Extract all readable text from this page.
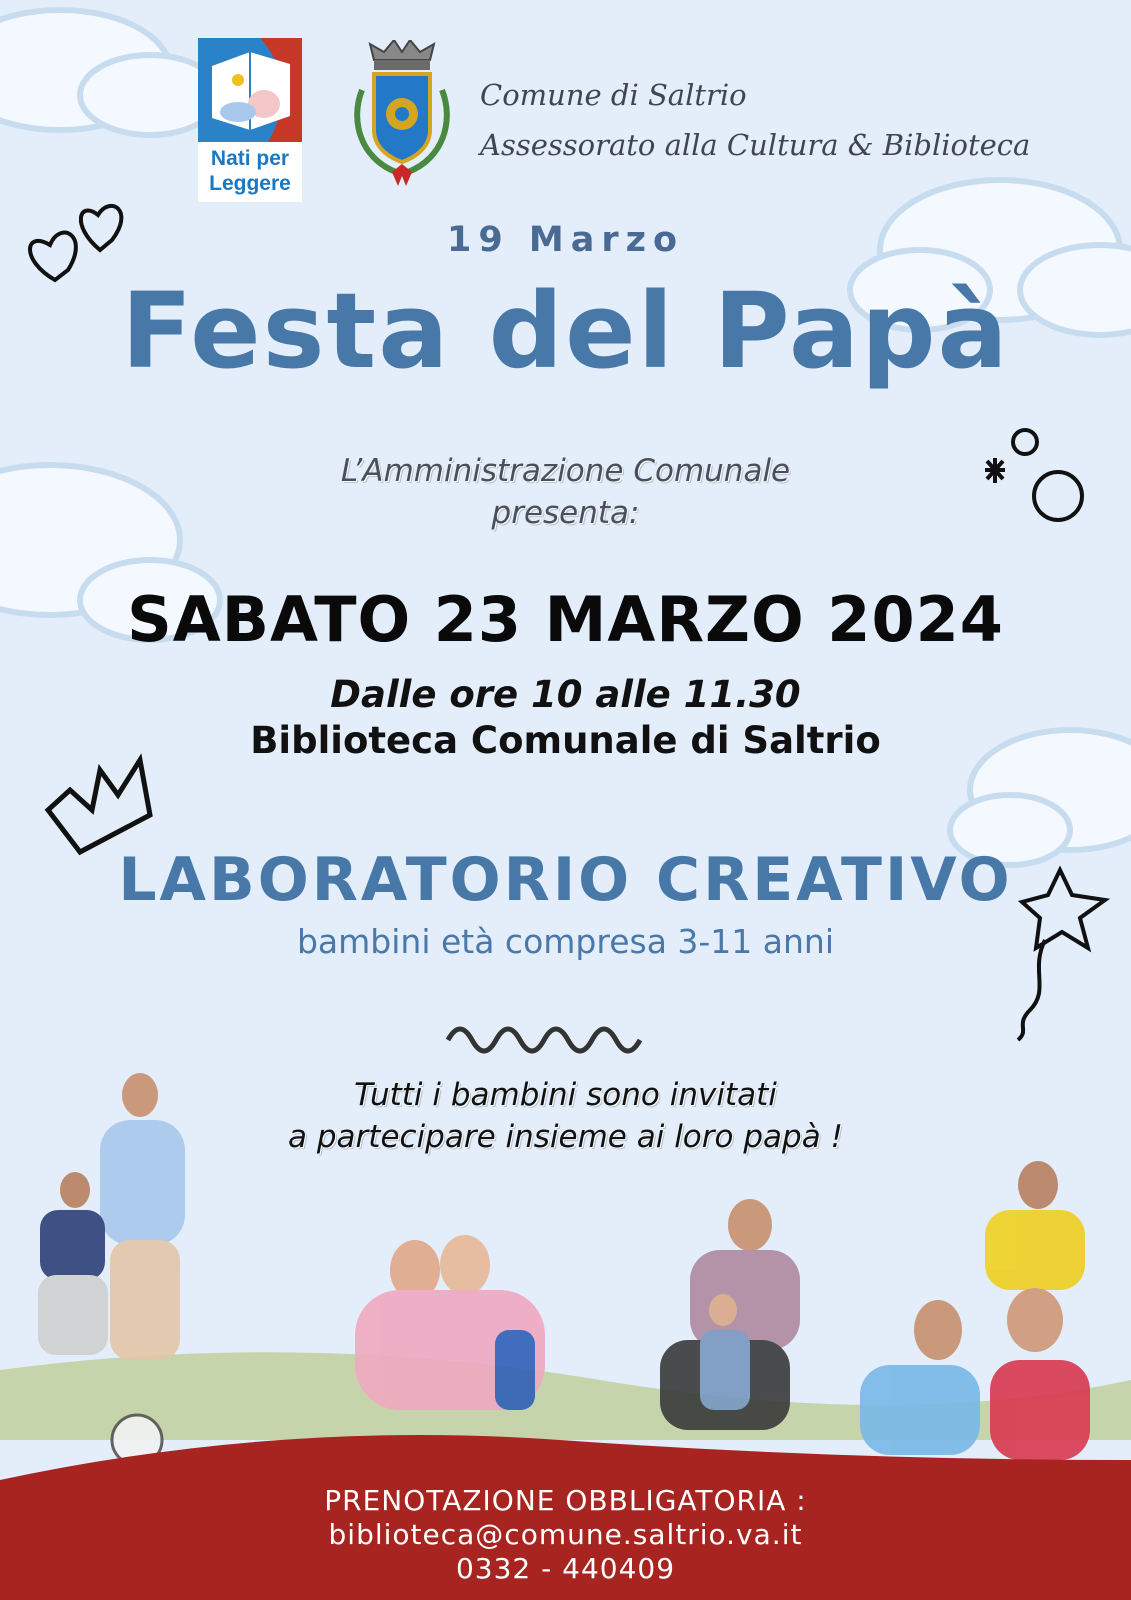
Nati per Leggere
Comune di Saltrio
Assessorato alla Cultura & Biblioteca
19 Marzo
Festa del Papà
L’Amministrazione Comunale
presenta:
SABATO 23 MARZO 2024
Dalle ore 10 alle 11.30
Biblioteca Comunale di Saltrio
LABORATORIO CREATIVO
bambini età compresa 3-11 anni
Tutti i bambini sono invitati
a partecipare insieme ai loro papà !
PRENOTAZIONE OBBLIGATORIA :
biblioteca@comune.saltrio.va.it
0332 - 440409
